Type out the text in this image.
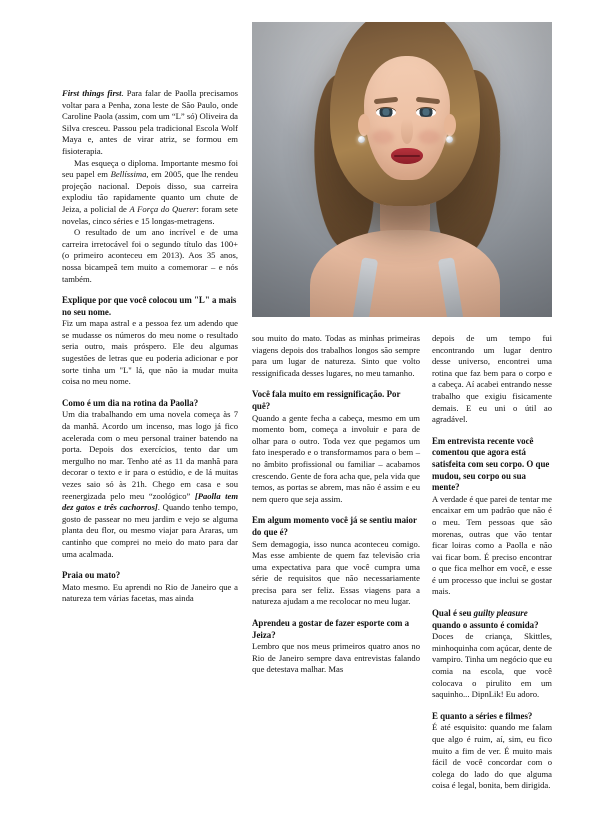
First things first. Para falar de Paolla precisamos voltar para a Penha, zona leste de São Paulo, onde Caroline Paola (assim, com um “L” só) Oliveira da Silva cresceu. Passou pela tradicional Escola Wolf Maya e, antes de virar atriz, se formou em fisioterapia.

Mas esqueça o diploma. Importante mesmo foi seu papel em Bellíssima, em 2005, que lhe rendeu projeção nacional. Depois disso, sua carreira explodiu tão rapidamente quanto um chute de Jeiza, a policial de A Força do Querer: foram sete novelas, cinco séries e 15 longas-metragens.

O resultado de um ano incrível e de uma carreira irretocável foi o segundo título das 100+ (o primeiro aconteceu em 2013). Aos 35 anos, nossa bicampeã tem muito a comemorar – e nós também.

Explique por que você colocou um "L" a mais no seu nome.

Fiz um mapa astral e a pessoa fez um adendo que se mudasse os números do meu nome o resultado seria outro, mais próspero. Ele deu algumas sugestões de letras que eu poderia adicionar e por sorte tinha um "L" lá, que não ia mudar muita coisa no meu nome.

Como é um dia na rotina da Paolla?

Um dia trabalhando em uma novela começa às 7 da manhã. Acordo um incenso, mas logo já fico acelerada com o meu personal trainer batendo na porta. Depois dos exercícios, tento dar um mergulho no mar. Tenho até as 11 da manhã para decorar o texto e ir para o estúdio, e de lá muitas vezes saio só às 21h. Chego em casa e sou reenergizada pelo meu “zoológico” [Paolla tem dez gatos e três cachorros]. Quando tenho tempo, gosto de passear no meu jardim e vejo se alguma planta deu flor, ou mesmo viajar para Araras, um cantinho que comprei no meio do mato para dar uma acalmada.

Praia ou mato?

Mato mesmo. Eu aprendi no Rio de Janeiro que a natureza tem várias facetas, mas ainda

sou muito do mato. Todas as minhas primeiras viagens depois dos trabalhos longos são sempre para um lugar de natureza. Sinto que volto ressignificada desses lugares, no meu tamanho.

Você fala muito em ressignificação. Por quê?

Quando a gente fecha a cabeça, mesmo em um momento bom, começa a involuir e para de olhar para o outro. Toda vez que pegamos um fato inesperado e o transformamos para o bem – no âmbito profissional ou familiar – acabamos crescendo. Gente de fora acha que, pela vida que temos, as portas se abrem, mas não é assim e eu nem quero que seja assim.

Em algum momento você já se sentiu maior do que é?

Sem demagogia, isso nunca aconteceu comigo. Mas esse ambiente de quem faz televisão cria uma expectativa para que você cumpra uma série de requisitos que não necessariamente precisa para ser feliz. Essas viagens para a natureza ajudam a me recolocar no meu lugar.

Aprendeu a gostar de fazer esporte com a Jeiza?

Lembro que nos meus primeiros quatro anos no Rio de Janeiro sempre dava entrevistas falando que detestava malhar. Mas

depois de um tempo fui encontrando um lugar dentro desse universo, encontrei uma rotina que faz bem para o corpo e a cabeça. Aí acabei entrando nesse trabalho que exigiu fisicamente demais. E eu uni o útil ao agradável.

Em entrevista recente você comentou que agora está satisfeita com seu corpo. O que mudou, seu corpo ou sua mente?

A verdade é que parei de tentar me encaixar em um padrão que não é o meu. Tem pessoas que são morenas, outras que vão tentar ficar loiras como a Paolla e não vai ficar bom. É preciso encontrar o que fica melhor em você, e esse é um processo que inclui se gostar mais.

Qual é seu guilty pleasure quando o assunto é comida?

Doces de criança, Skittles, minhoquinha com açúcar, dente de vampiro. Tinha um negócio que eu comia na escola, que você colocava o pirulito em um saquinho... DipnLik! Eu adoro.

E quanto a séries e filmes?

É até esquisito: quando me falam que algo é ruim, aí, sim, eu fico muito a fim de ver. É muito mais fácil de você concordar com o colega do lado do que alguma coisa é legal, bonita, bem dirigida.
